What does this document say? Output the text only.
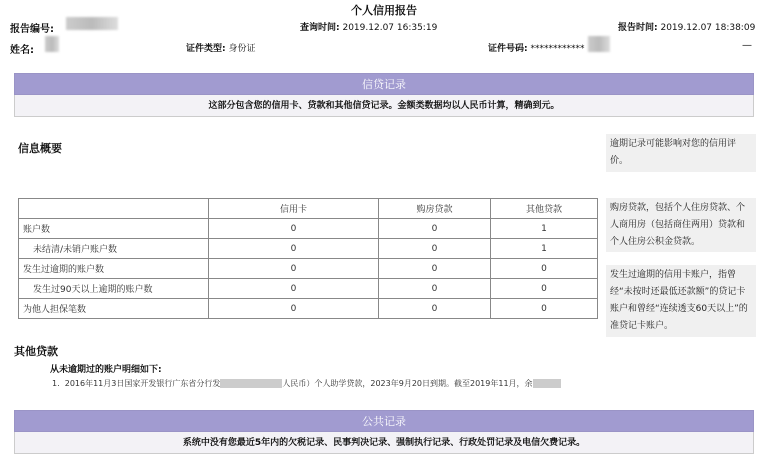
个人信用报告
报告编号:	查询时间: 2019.12.07 16:35:19	报告时间: 2019.12.07 18:38:09
姓名:	证件类型: 身份证	证件号码: ************	—
信贷记录
这部分包含您的信用卡、贷款和其他信贷记录。金额类数据均以人民币计算，精确到元。
信息概要
	信用卡	购房贷款	其他贷款
账户数	0	0	1
未结清/未销户账户数	0	0	1
发生过逾期的账户数	0	0	0
发生过90天以上逾期的账户数	0	0	0
为他人担保笔数	0	0	0
逾期记录可能影响对您的信用评价。
购房贷款，包括个人住房贷款、个人商用房（包括商住两用）贷款和个人住房公积金贷款。
发生过逾期的信用卡账户，指曾经“未按时还最低还款额”的贷记卡账户和曾经“连续透支60天以上”的准贷记卡账户。
其他贷款
从未逾期过的账户明细如下:
1. 2016年11月3日国家开发银行广东省分行发	人民币）个人助学贷款，2023年9月20日到期。截至2019年11月，余
公共记录
系统中没有您最近5年内的欠税记录、民事判决记录、强制执行记录、行政处罚记录及电信欠费记录。
